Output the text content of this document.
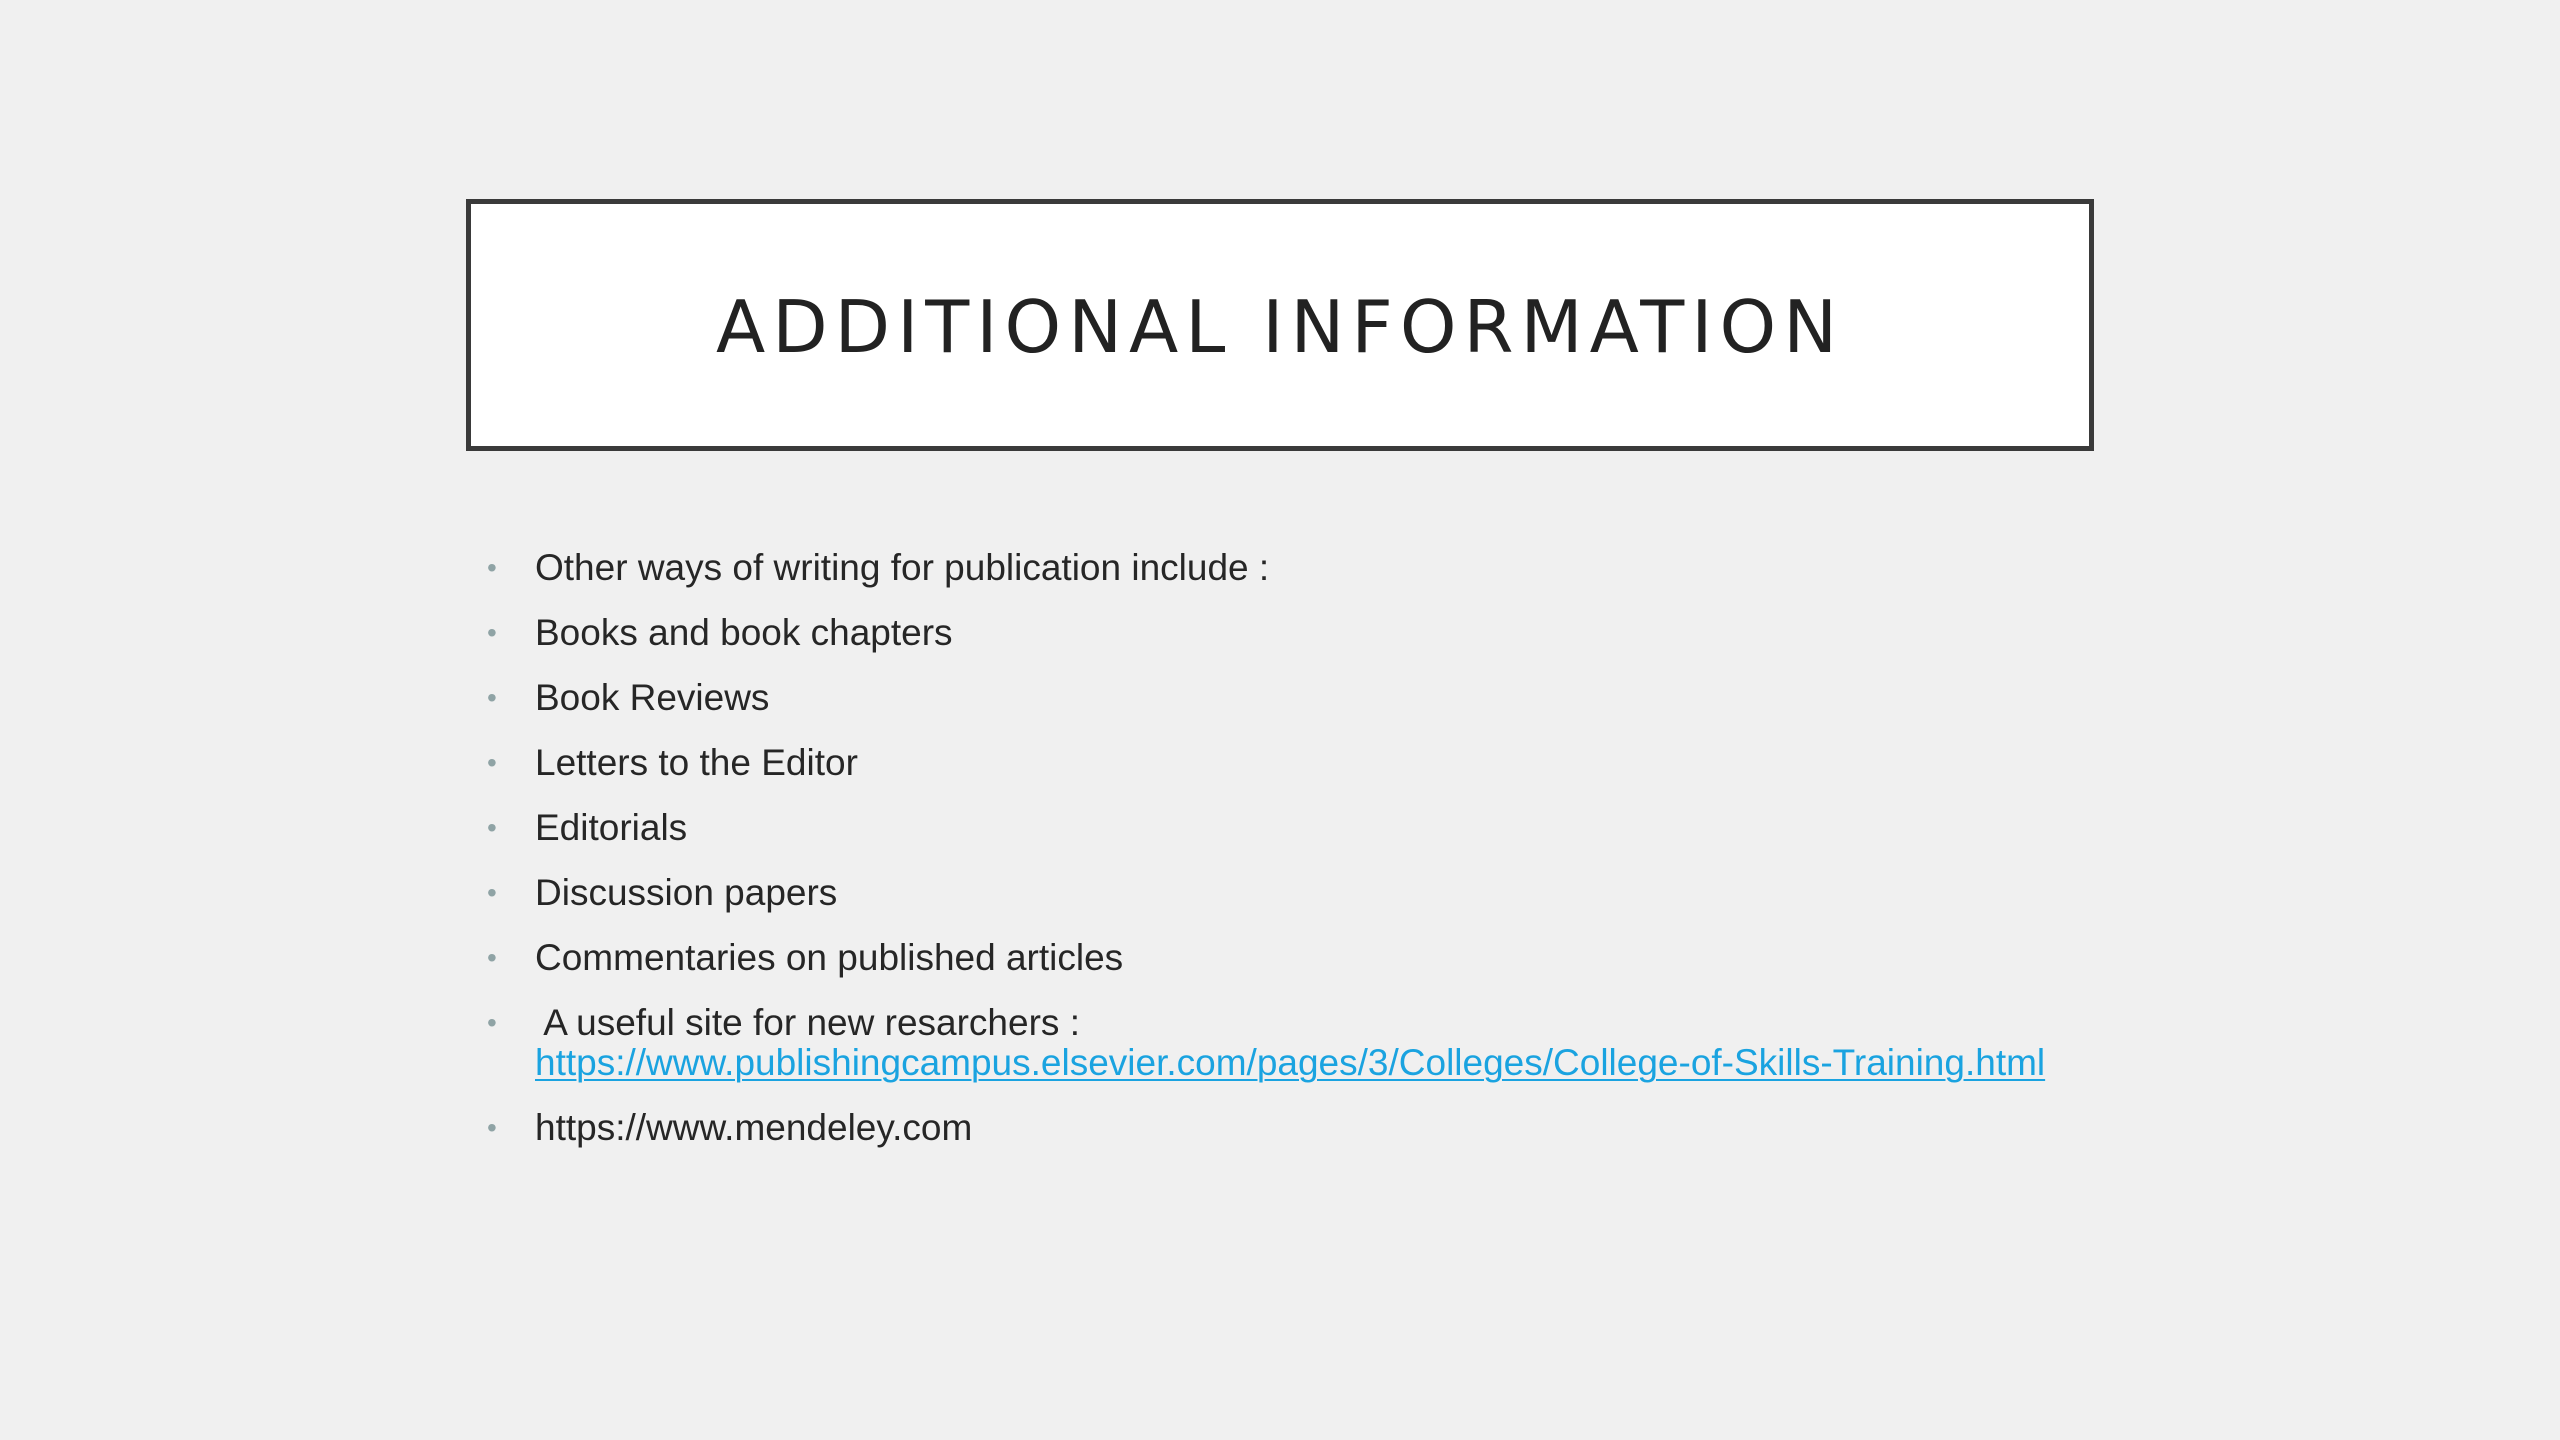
ADDITIONAL INFORMATION
• Other ways of writing for publication include :
• Books and book chapters
• Book Reviews
• Letters to the Editor
• Editorials
• Discussion papers
• Commentaries on published articles
• A useful site for new resarchers :
https://www.publishingcampus.elsevier.com/pages/3/Colleges/College-of-Skills-Training.html
• https://www.mendeley.com
